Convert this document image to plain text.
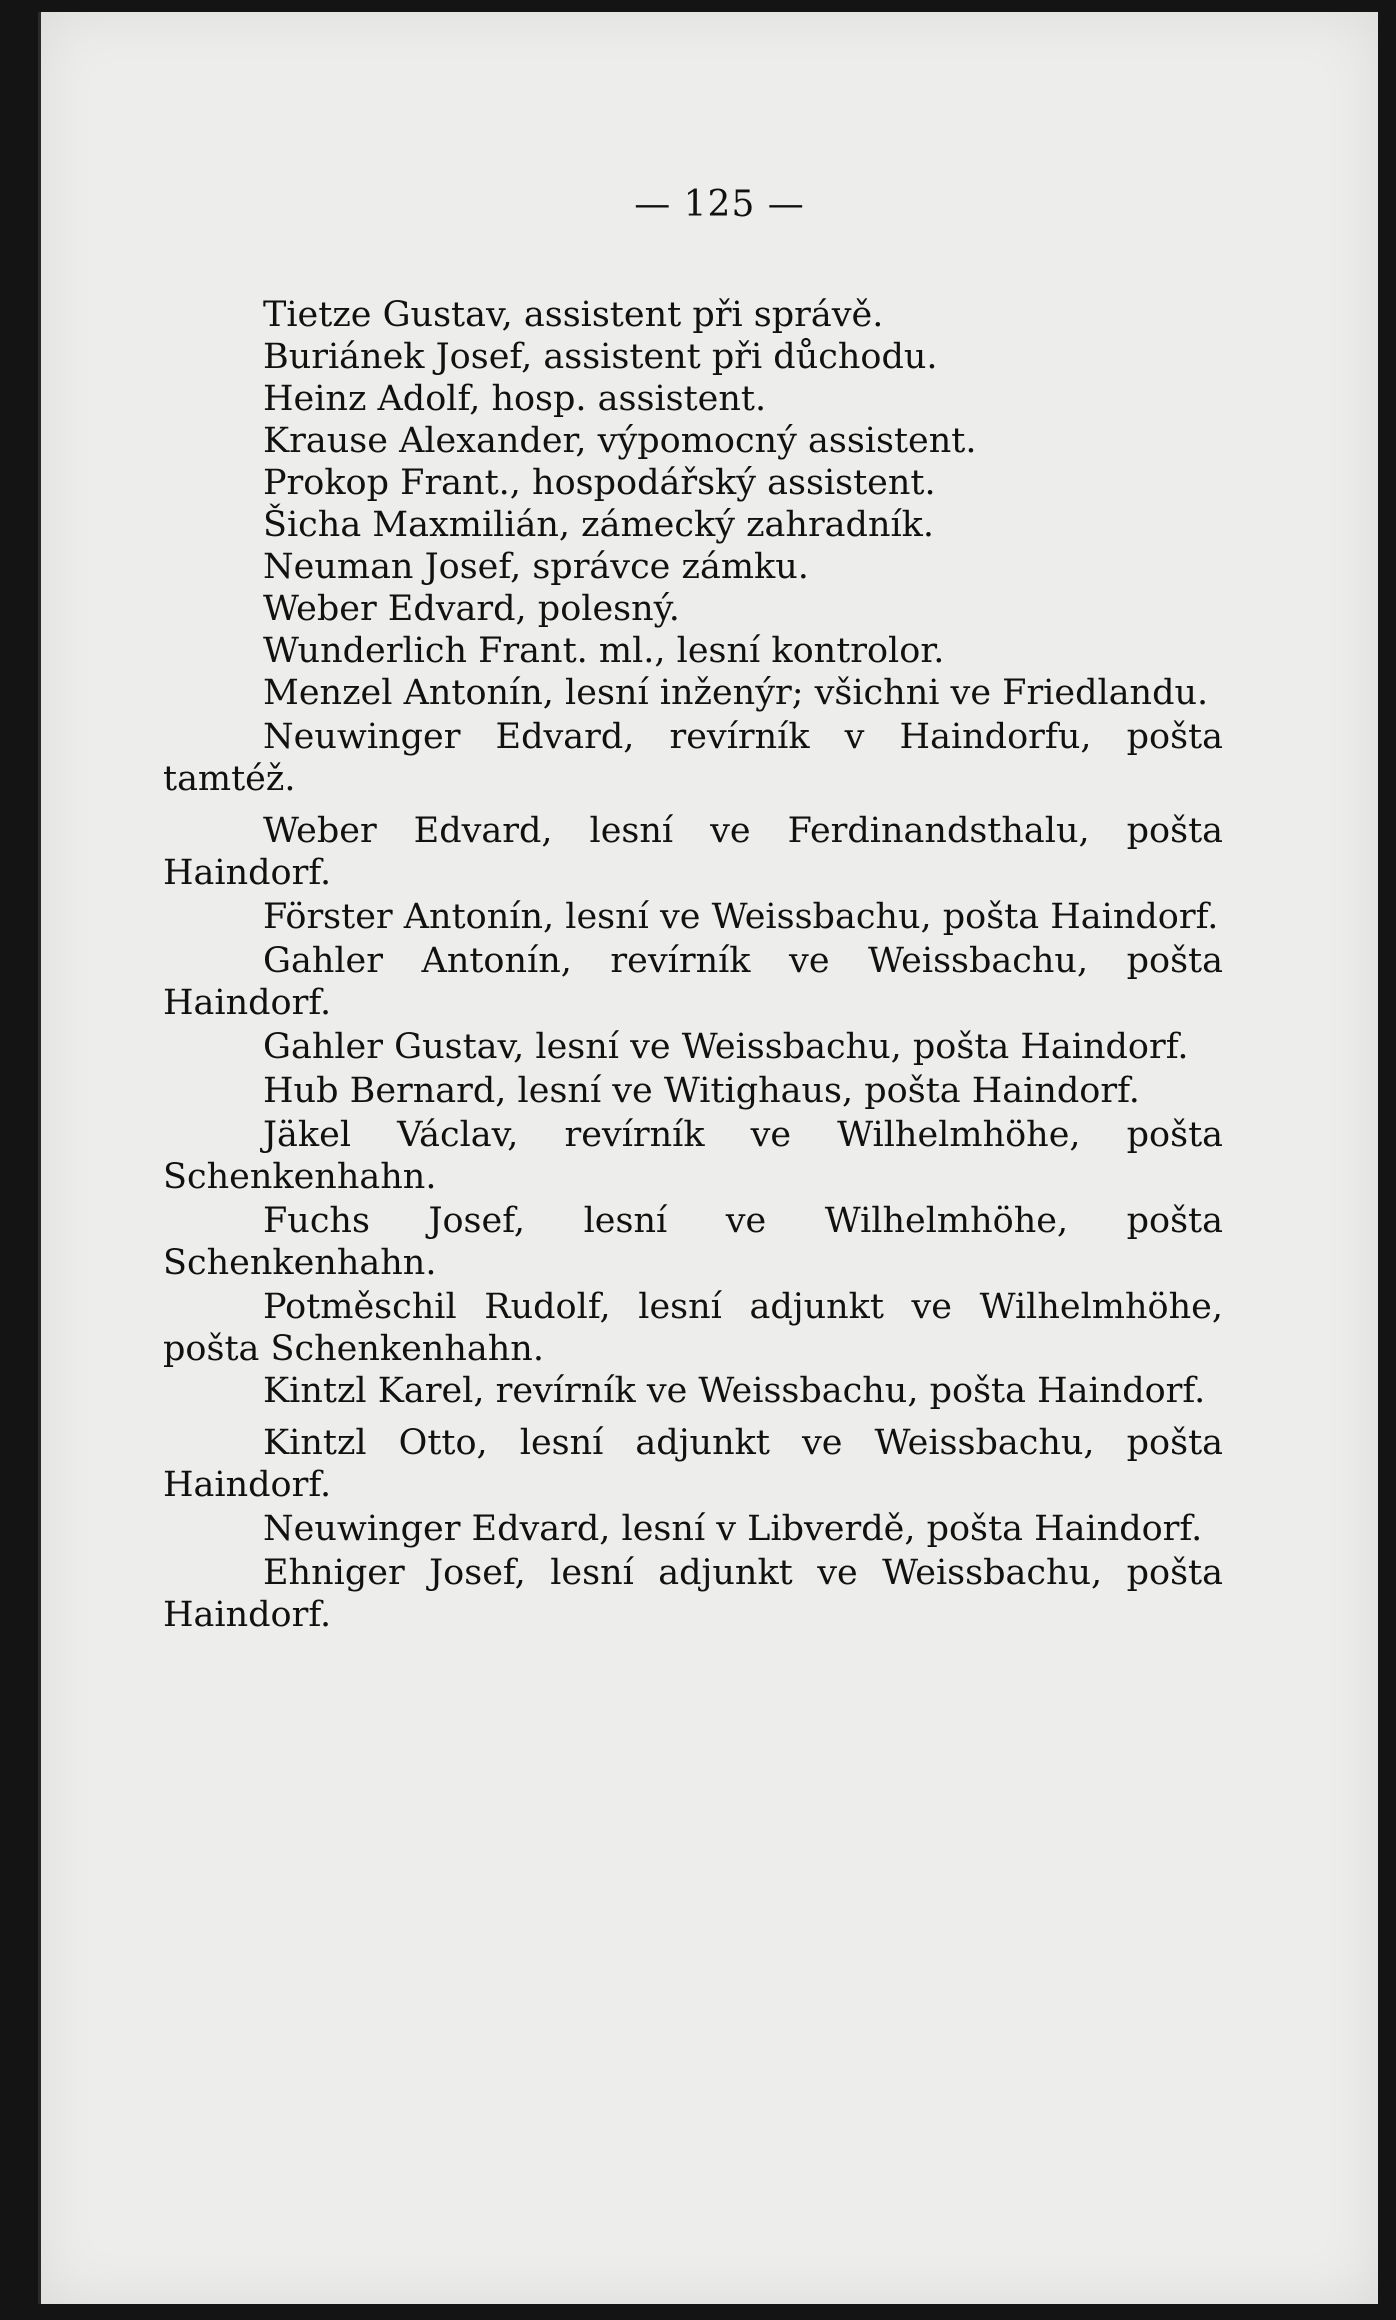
— 125 —
Tietze Gustav, assistent při správě.
Buriánek Josef, assistent při důchodu.
Heinz Adolf, hosp. assistent.
Krause Alexander, výpomocný assistent.
Prokop Frant., hospodářský assistent.
Šicha Maxmilián, zámecký zahradník.
Neuman Josef, správce zámku.
Weber Edvard, polesný.
Wunderlich Frant. ml., lesní kontrolor.
Menzel Antonín, lesní inženýr; všichni ve Friedlandu.
Neuwinger Edvard, revírník v Haindorfu, pošta tamtéž.
Weber Edvard, lesní ve Ferdinandsthalu, pošta Haindorf.
Förster Antonín, lesní ve Weissbachu, pošta Haindorf.
Gahler Antonín, revírník ve Weissbachu, pošta Haindorf.
Gahler Gustav, lesní ve Weissbachu, pošta Haindorf.
Hub Bernard, lesní ve Witighaus, pošta Haindorf.
Jäkel Václav, revírník ve Wilhelmhöhe, pošta Schenkenhahn.
Fuchs Josef, lesní ve Wilhelmhöhe, pošta Schenkenhahn.
Potměschil Rudolf, lesní adjunkt ve Wilhelmhöhe, pošta Schenkenhahn.
Kintzl Karel, revírník ve Weissbachu, pošta Haindorf.
Kintzl Otto, lesní adjunkt ve Weissbachu, pošta Haindorf.
Neuwinger Edvard, lesní v Libverdě, pošta Haindorf.
Ehniger Josef, lesní adjunkt ve Weissbachu, pošta Haindorf.
